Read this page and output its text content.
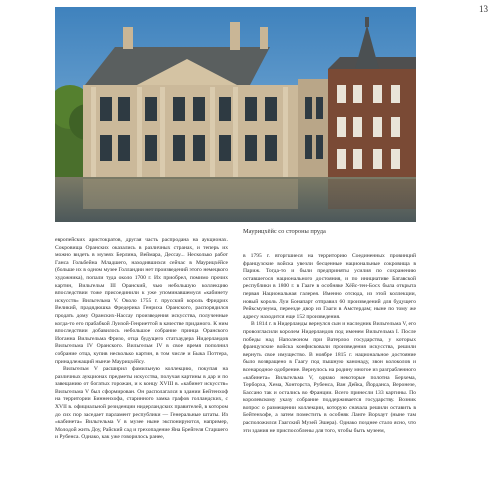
13
Маурицхёйс со стороны пруда

европейских аристократов, другая часть распродана на аукционах. Сокровища Оранских оказались в различных странах, и теперь их можно видеть в музеях Берлина, Веймара, Дессау... Несколько работ Ганса Гольбейна Младшего, находившихся сейчас в Маурицхёйсе (больше их в одном музее Голландии нет произведений этого немецкого художника), попали туда около 1700 г. Их приобрел, помимо прочих картин, Вильгельм III Оранский, чью небольшую коллекцию впоследствии тоже присоединили к уже упоминавшемуся «кабинету искусств» Вильгельма V. Около 1755 г. прусский король Фридрих Великий, прадядюшка Фредерика Генриха Оранского, распорядился продать дому Оранских-Нассау произведения искусства, полученные когда-то его прабабкой Луизой-Генриеттой в качестве приданого. К ним впоследствии добавилось небольшое собрание принца Оранского Иоганна Вильгельма Фризо, отца будущего статхаудера Нидерландов Вильгельма IV Оранского. Вильгельм IV в свое время пополнил собрание отца, купив несколько картин, в том числе и Быка Поттера, принадлежащий нынче Маурицхёйсу.

Вильгельм V расширил фамильную коллекцию, покупая на различных аукционах предметы искусства, получая картины в дар и по завещанию от богатых горожан, и к концу XVIII в. «кабинет искусств» Вильгельма V был сформирован. Он располагался в здании Бейтенхоф на территории Бинненхофа, старинного замка графов голландских, с XVII в. официальной резиденции нидерландских правителей, в котором до сих пор заседает парламент республики — Генеральные штаты. Из «кабинета» Вильгельма V в музее ныне экспонируются, например, Молодой жить Доу, Райский сад и грехопадение Яна Брейгеля Старшего и Рубенса. Однако, как уже говорилось ранее,

в 1795 г. вторгшиеся на территорию Соединенных провинций французские войска увезли бесценные национальные сокровища в Париж. Тогда-то и были предприняты усилия по сохранению оставшегося национального достояния, и по инициативе Батавской республики в 1800 г. в Гааге в особняке Хёйс-тен-Босх была открыта первая Национальная галерея. Именно отсюда, из этой коллекции, новый король Луи Бонапарт отправил 60 произведений для будущего Рейксмузеума, переезде двор из Гааги в Амстердам; ныне по тому же адресу находится еще 152 произведения.

В 1814 г. в Нидерланды вернулся сын и наследник Вильгельма V, его провозгласили королем Нидерландов под именем Вильгельма I. После победы над Наполеоном при Ватерлоо государства, у которых французские войска конфисковали произведения искусства, решили вернуть свое имущество. В ноябре 1815 г. национальное достояние было возвращено в Гаагу под пышную канонаду, звон колоколов и всенародное одобрение. Вернулось на родину многое из разграбленного «кабинета» Вильгельма V, однако некоторые полотна Берхема, Терборха, Хема, Хонторста, Рубенса, Ван Дейка, Йорданса, Веронезе, Бассано так и остались во Франции. Всего принесли 133 картины. По королевскому указу собрание поддерживается государству. Возник вопрос о размещении коллекции, которую сначала решили оставить в Бейтенхофе, а затем поместить в особняк Ланге Ворхаут (ныне там расположился Гаагский Музей Эшера). Однако позднее стало ясно, что эти здания не приспособлены для того, чтобы быть музеем,
